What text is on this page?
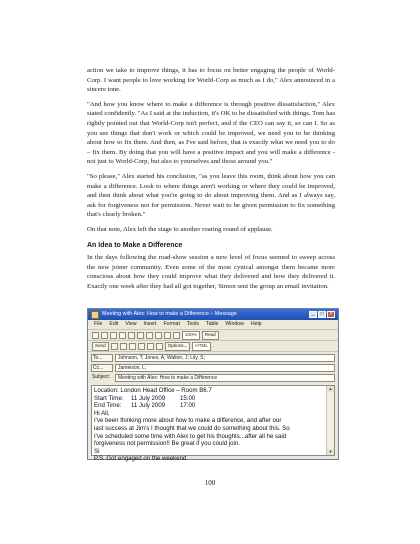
action we take to improve things, it has to focus on better engaging the people of World-Corp. I want people to love working for World-Corp as much as I do," Alex announced in a sincere tone.

"And how you know where to make a difference is through positive dissatisfaction," Alex stated confidently. "As I said at the induction, it's OK to be dissatisfied with things. Tom has rightly pointed out that World-Corp isn't perfect, and if the CEO can say it, so can I. So as you see things that don't work or which could be improved, we need you to be thinking about how to fix them. And then, as I've said before, that is exactly what we need you to do – fix them. By doing that you will have a positive impact and you will make a difference - not just to World-Corp, but also to yourselves and those around you."

"So please," Alex started his conclusion, "as you leave this room, think about how you can make a difference. Look to where things aren't working or where they could be improved, and then think about what you're going to do about improving them. And as I always say, ask for forgiveness not for permission. Never wait to be given permission to fix something that's clearly broken."

On that note, Alex left the stage to another roaring round of applause.

An Idea to Make a Difference

In the days following the road-show session a new level of focus seemed to sweep across the new joiner community. Even some of the most cynical amongst them became more conscious about how they could improve what they delivered and how they delivered it. Exactly one week after they had all got together, Simon sent the group an email invitation.

Meeting with Alex: How to make a Difference – Message	_	□	×
File Edit View Insert Format Tools Table Window Help
100%	Read
Send	Options...	HTML
To...	Johnson, T; Jones, A; Walton, J; Lily, S;
Cc...	Jamieson, L;
Subject:	Meeting with Alex: How to make a Difference
Location: London Head Office – Room B6.7
Start Time:	11 July 2009	15:00
End Time:	11 July 2009	17:00
Hi All,
I've been thinking more about how to make a difference, and after our
last success at Jim's I thought that we could do something about this. So
I've scheduled some time with Alex to get his thoughts...after all he said
forgiveness not permission!! Be great if you could join.
Si
P.S. Got engaged on the weekend
▲
▼
100
